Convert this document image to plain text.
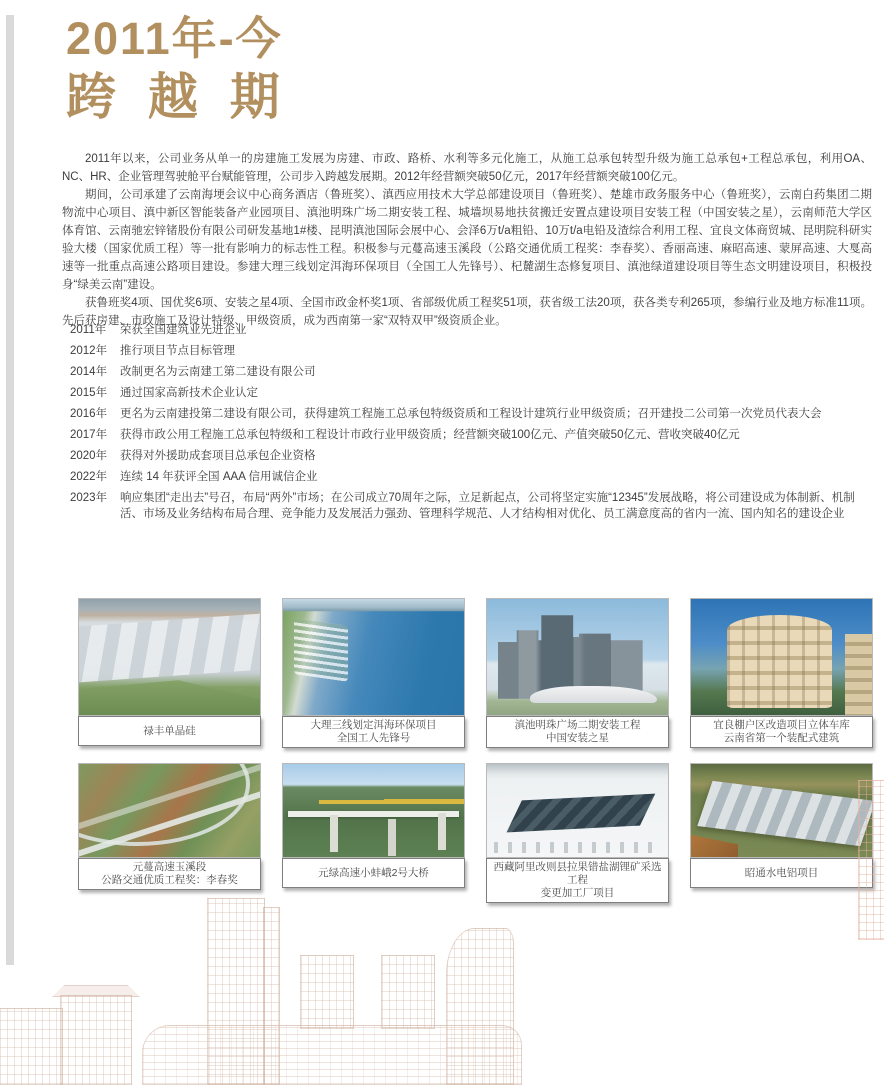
2011年-今
跨 越 期

2011年以来，公司业务从单一的房建施工发展为房建、市政、路桥、水利等多元化施工，从施工总承包转型升级为施工总承包+工程总承包，利用OA、NC、HR、企业管理驾驶舱平台赋能管理，公司步入跨越发展期。2012年经营额突破50亿元，2017年经营额突破100亿元。

期间，公司承建了云南海埂会议中心商务酒店（鲁班奖）、滇西应用技术大学总部建设项目（鲁班奖）、楚雄市政务服务中心（鲁班奖），云南白药集团二期物流中心项目、滇中新区智能装备产业园项目、滇池明珠广场二期安装工程、城墙坝易地扶贫搬迁安置点建设项目安装工程（中国安装之星），云南师范大学区体育馆、云南驰宏锌锗股份有限公司研发基地1#楼、昆明滇池国际会展中心、会泽6万t/a粗铅、10万t/a电铅及渣综合利用工程、宜良文体商贸城、昆明院科研实验大楼（国家优质工程）等一批有影响力的标志性工程。积极参与元蔓高速玉溪段（公路交通优质工程奖：李春奖）、香丽高速、麻昭高速、蒙屏高速、大戛高速等一批重点高速公路项目建设。参建大理三线划定洱海环保项目（全国工人先锋号）、杞麓湖生态修复项目、滇池绿道建设项目等生态文明建设项目，积极投身“绿美云南”建设。

获鲁班奖4项、国优奖6项、安装之星4项、全国市政金杯奖1项、省部级优质工程奖51项，获省级工法20项，获各类专利265项，参编行业及地方标准11项。先后获房建、市政施工及设计特级、甲级资质，成为西南第一家“双特双甲”级资质企业。

2011年	荣获全国建筑业先进企业
2012年	推行项目节点目标管理
2014年	改制更名为云南建工第二建设有限公司
2015年	通过国家高新技术企业认定
2016年	更名为云南建投第二建设有限公司，获得建筑工程施工总承包特级资质和工程设计建筑行业甲级资质；召开建投二公司第一次党员代表大会
2017年	获得市政公用工程施工总承包特级和工程设计市政行业甲级资质；经营额突破100亿元、产值突破50亿元、营收突破40亿元
2020年	获得对外援助成套项目总承包企业资格
2022年	连续 14 年获评全国 AAA 信用诚信企业
2023年	响应集团“走出去”号召，布局“两外”市场；在公司成立70周年之际，立足新起点，公司将坚定实施“12345”发展战略，将公司建设成为体制新、机制活、市场及业务结构布局合理、竞争能力及发展活力强劲、管理科学规范、人才结构相对优化、员工满意度高的省内一流、国内知名的建设企业
禄丰单晶硅	大理三线划定洱海环保项目
全国工人先锋号
滇池明珠广场二期安装工程
中国安装之星
宜良棚户区改造项目立体车库
云南省第一个装配式建筑
元蔓高速玉溪段
公路交通优质工程奖：李春奖
元绿高速小蚌峨2号大桥	西藏阿里改则县拉果错盐湖锂矿采选工程
变更加工厂项目
昭通水电铝项目
